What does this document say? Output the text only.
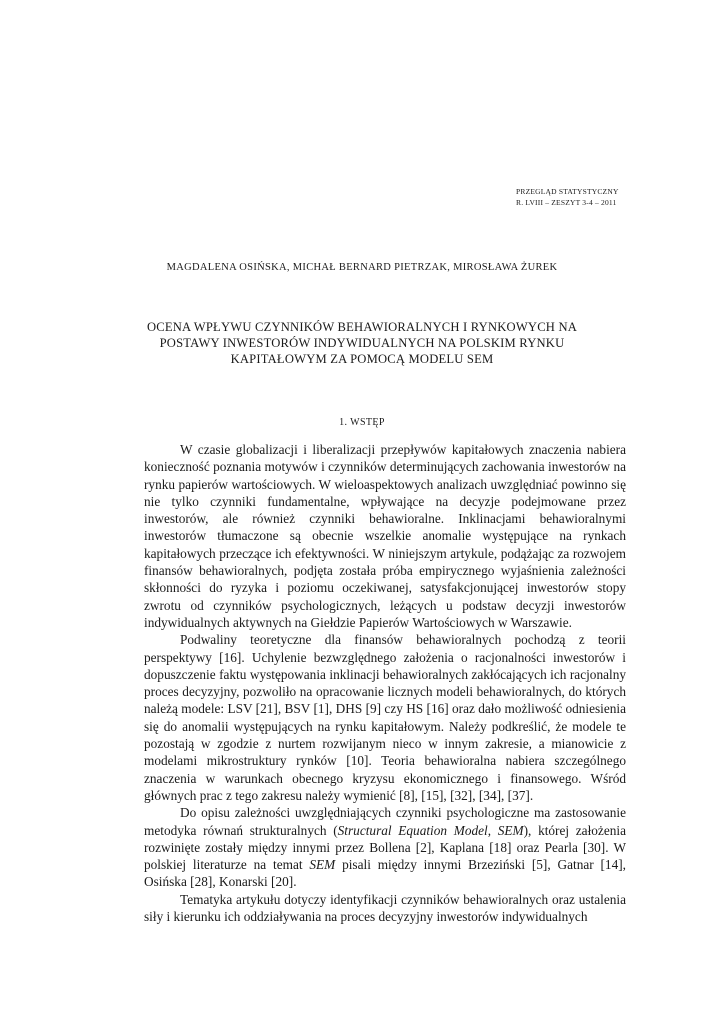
PRZEGLĄD STATYSTYCZNY
R. LVIII – ZESZYT 3-4 – 2011
MAGDALENA OSIŃSKA, MICHAŁ BERNARD PIETRZAK, MIROSŁAWA ŻUREK
OCENA WPŁYWU CZYNNIKÓW BEHAWIORALNYCH I RYNKOWYCH NA POSTAWY INWESTORÓW INDYWIDUALNYCH NA POLSKIM RYNKU KAPITAŁOWYM ZA POMOCĄ MODELU SEM
1. WSTĘP

W czasie globalizacji i liberalizacji przepływów kapitałowych znaczenia nabiera konieczność poznania motywów i czynników determinujących zachowania inwestorów na rynku papierów wartościowych. W wieloaspektowych analizach uwzględniać powinno się nie tylko czynniki fundamentalne, wpływające na decyzje podejmowane przez inwestorów, ale również czynniki behawioralne. Inklinacjami behawioralnymi inwestorów tłumaczone są obecnie wszelkie anomalie występujące na rynkach kapitałowych przeczące ich efektywności. W niniejszym artykule, podążając za rozwojem finansów behawioralnych, podjęta została próba empirycznego wyjaśnienia zależności skłonności do ryzyka i poziomu oczekiwanej, satysfakcjonującej inwestorów stopy zwrotu od czynników psychologicznych, leżących u podstaw decyzji inwestorów indywidualnych aktywnych na Giełdzie Papierów Wartościowych w Warszawie.

Podwaliny teoretyczne dla finansów behawioralnych pochodzą z teorii perspektywy [16]. Uchylenie bezwzględnego założenia o racjonalności inwestorów i dopuszczenie faktu występowania inklinacji behawioralnych zakłócających ich racjonalny proces decyzyjny, pozwoliło na opracowanie licznych modeli behawioralnych, do których należą modele: LSV [21], BSV [1], DHS [9] czy HS [16] oraz dało możliwość odniesienia się do anomalii występujących na rynku kapitałowym. Należy podkreślić, że modele te pozostają w zgodzie z nurtem rozwijanym nieco w innym zakresie, a mianowicie z modelami mikrostruktury rynków [10]. Teoria behawioralna nabiera szczególnego znaczenia w warunkach obecnego kryzysu ekonomicznego i finansowego. Wśród głównych prac z tego zakresu należy wymienić [8], [15], [32], [34], [37].

Do opisu zależności uwzględniających czynniki psychologiczne ma zastosowanie metodyka równań strukturalnych (Structural Equation Model, SEM), której założenia rozwinięte zostały między innymi przez Bollena [2], Kaplana [18] oraz Pearla [30]. W polskiej literaturze na temat SEM pisali między innymi Brzeziński [5], Gatnar [14], Osińska [28], Konarski [20].

Tematyka artykułu dotyczy identyfikacji czynników behawioralnych oraz ustalenia siły i kierunku ich oddziaływania na proces decyzyjny inwestorów indywidualnych
